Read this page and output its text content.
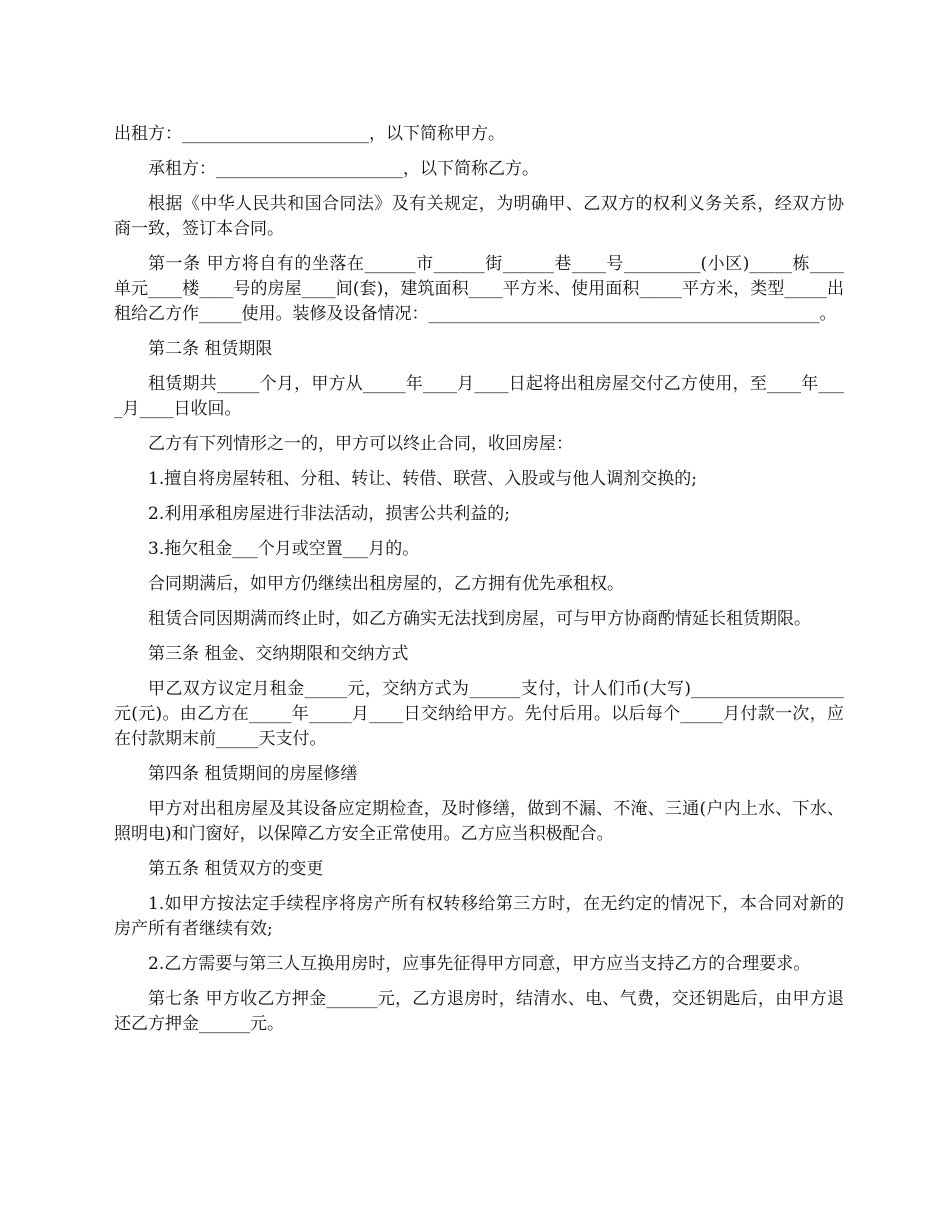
出租方：______________________，以下简称甲方。

承租方：______________________，以下简称乙方。

根据《中华人民共和国合同法》及有关规定，为明确甲、乙双方的权利义务关系，经双方协商一致，签订本合同。

第一条 甲方将自有的坐落在______市______街______巷____号_________(小区)_____栋____单元____楼____号的房屋____间(套)，建筑面积____平方米、使用面积_____平方米，类型_____出租给乙方作_____使用。装修及设备情况：______________________________________________。

第二条 租赁期限

租赁期共_____个月，甲方从_____年____月____日起将出租房屋交付乙方使用，至____年____月____日收回。

乙方有下列情形之一的，甲方可以终止合同，收回房屋：

1.擅自将房屋转租、分租、转让、转借、联营、入股或与他人调剂交换的;

2.利用承租房屋进行非法活动，损害公共利益的;

3.拖欠租金___个月或空置___月的。

合同期满后，如甲方仍继续出租房屋的，乙方拥有优先承租权。

租赁合同因期满而终止时，如乙方确实无法找到房屋，可与甲方协商酌情延长租赁期限。

第三条 租金、交纳期限和交纳方式

甲乙双方议定月租金_____元，交纳方式为______支付，计人们币(大写)__________________元(元)。由乙方在_____年_____月____日交纳给甲方。先付后用。以后每个_____月付款一次，应在付款期末前_____天支付。

第四条 租赁期间的房屋修缮

甲方对出租房屋及其设备应定期检查，及时修缮，做到不漏、不淹、三通(户内上水、下水、照明电)和门窗好，以保障乙方安全正常使用。乙方应当积极配合。

第五条 租赁双方的变更

1.如甲方按法定手续程序将房产所有权转移给第三方时，在无约定的情况下，本合同对新的房产所有者继续有效;

2.乙方需要与第三人互换用房时，应事先征得甲方同意，甲方应当支持乙方的合理要求。

第七条 甲方收乙方押金______元，乙方退房时，结清水、电、气费，交还钥匙后，由甲方退还乙方押金______元。
